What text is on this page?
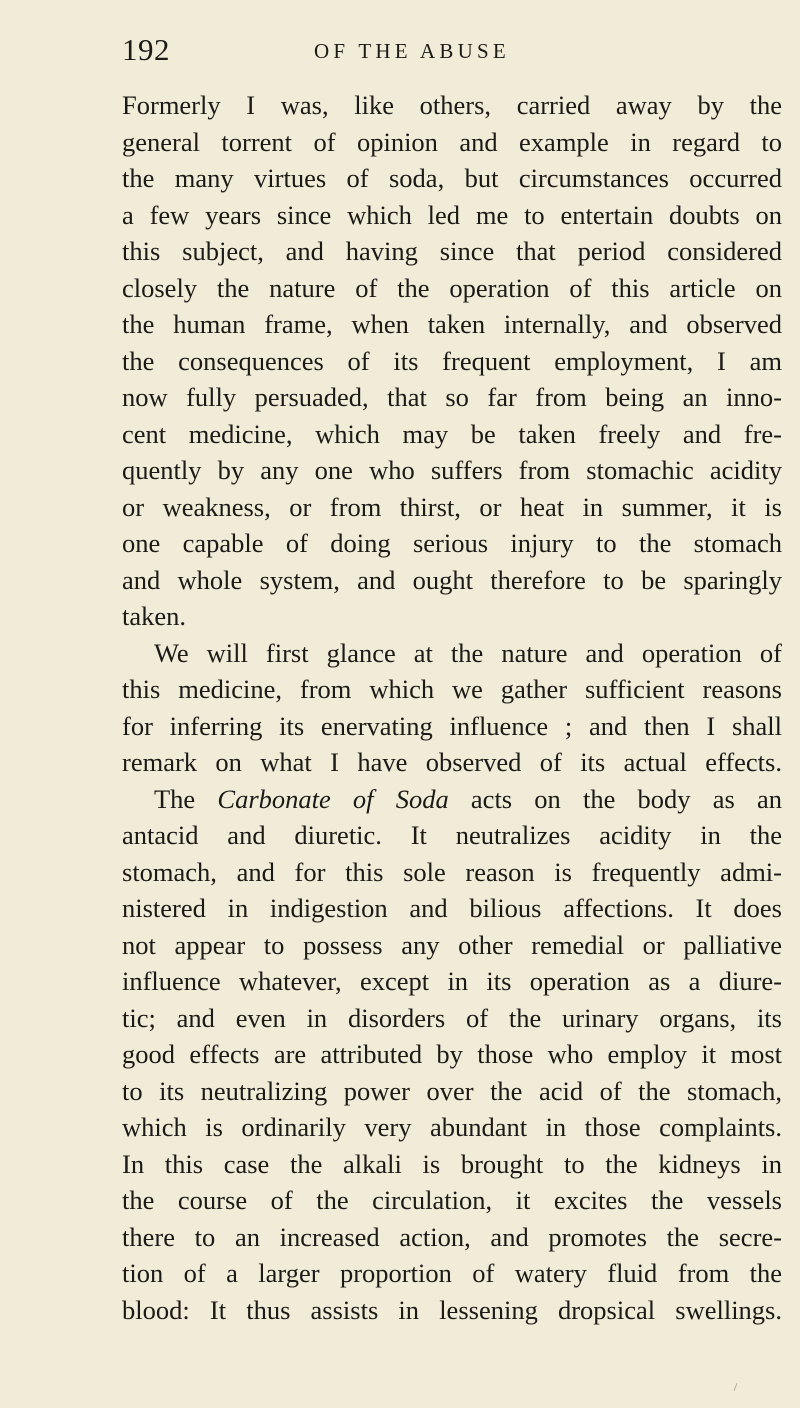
192	OF THE ABUSE
Formerly I was, like others, carried away by the
general torrent of opinion and example in regard to
the many virtues of soda, but circumstances occurred
a few years since which led me to entertain doubts on
this subject, and having since that period considered
closely the nature of the operation of this article on
the human frame, when taken internally, and observed
the consequences of its frequent employment, I am
now fully persuaded, that so far from being an inno-
cent medicine, which may be taken freely and fre-
quently by any one who suffers from stomachic acidity
or weakness, or from thirst, or heat in summer, it is
one capable of doing serious injury to the stomach
and whole system, and ought therefore to be sparingly
taken.
We will first glance at the nature and operation of
this medicine, from which we gather sufficient reasons
for inferring its enervating influence ; and then I shall
remark on what I have observed of its actual effects.
The Carbonate of Soda acts on the body as an
antacid and diuretic. It neutralizes acidity in the
stomach, and for this sole reason is frequently admi-
nistered in indigestion and bilious affections. It does
not appear to possess any other remedial or palliative
influence whatever, except in its operation as a diure-
tic; and even in disorders of the urinary organs, its
good effects are attributed by those who employ it most
to its neutralizing power over the acid of the stomach,
which is ordinarily very abundant in those complaints.
In this case the alkali is brought to the kidneys in
the course of the circulation, it excites the vessels
there to an increased action, and promotes the secre-
tion of a larger proportion of watery fluid from the
blood: It thus assists in lessening dropsical swellings.
